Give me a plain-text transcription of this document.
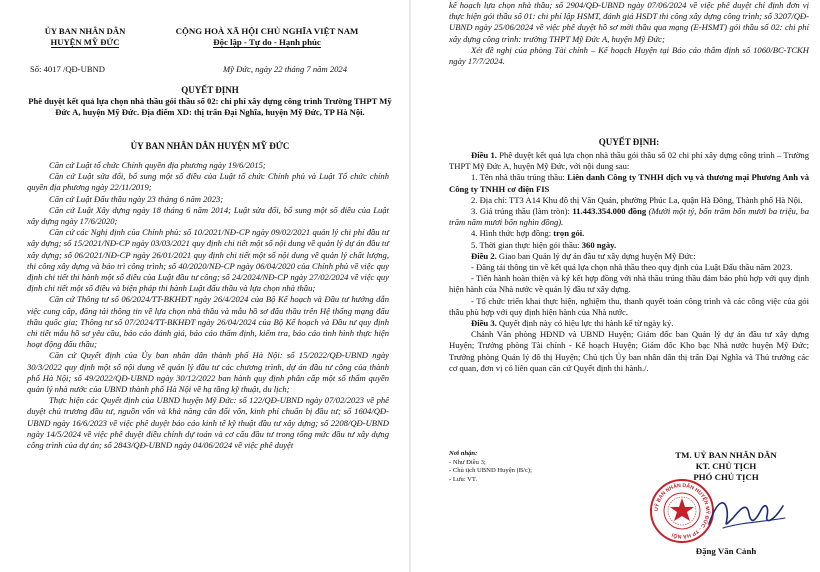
ỦY BAN NHÂN DÂN
HUYỆN MỸ ĐỨC
Số: 4017 /QĐ-UBND
CỘNG HOÀ XÃ HỘI CHỦ NGHĨA VIỆT NAM
Độc lập - Tự do - Hạnh phúc
Mỹ Đức, ngày 22 tháng 7 năm 2024
QUYẾT ĐỊNH
Phê duyệt kết quả lựa chọn nhà thầu gói thầu số 02: chi phí xây dựng công trình Trường THPT Mỹ Đức A, huyện Mỹ Đức. Địa điểm XD: thị trấn Đại Nghĩa, huyện Mỹ Đức, TP Hà Nội.
ỦY BAN NHÂN DÂN HUYỆN MỸ ĐỨC

Căn cứ Luật tổ chức Chính quyền địa phương ngày 19/6/2015;

Căn cứ Luật sửa đổi, bổ sung một số điều của Luật tổ chức Chính phủ và Luật Tổ chức chính quyền địa phương ngày 22/11/2019;

Căn cứ Luật Đấu thầu ngày 23 tháng 6 năm 2023;

Căn cứ Luật Xây dựng ngày 18 tháng 6 năm 2014; Luật sửa đổi, bổ sung một số điều của Luật xây dựng ngày 17/6/2020;

Căn cứ các Nghị định của Chính phủ: số 10/2021/NĐ-CP ngày 09/02/2021 quản lý chi phí đầu tư xây dựng; số 15/2021/NĐ-CP ngày 03/03/2021 quy định chi tiết một số nội dung về quản lý dự án đầu tư xây dựng; số 06/2021/NĐ-CP ngày 26/01/2021 quy định chi tiết một số nội dung về quản lý chất lượng, thi công xây dựng và bảo trì công trình; số 40/2020/NĐ-CP ngày 06/04/2020 của Chính phủ về việc quy định chi tiết thi hành một số điều của Luật đầu tư công; số 24/2024/NĐ-CP ngày 27/02/2024 về việc quy định chi tiết một số điều và biện pháp thi hành Luật đấu thầu và lựa chọn nhà thầu;

Căn cứ Thông tư số 06/2024/TT-BKHĐT ngày 26/4/2024 của Bộ Kế hoạch và Đầu tư hướng dẫn việc cung cấp, đăng tải thông tin về lựa chọn nhà thầu và mẫu hồ sơ đấu thầu trên Hệ thống mạng đấu thầu quốc gia; Thông tư số 07/2024/TT-BKHĐT ngày 26/04/2024 của Bộ Kế hoạch và Đầu tư quy định chi tiết mẫu hồ sơ yêu cầu, báo cáo đánh giá, báo cáo thẩm định, kiểm tra, báo cáo tình hình thực hiện hoạt động đấu thầu;

Căn cứ Quyết định của Ủy ban nhân dân thành phố Hà Nội: số 15/2022/QĐ-UBND ngày 30/3/2022 quy định một số nội dung về quản lý đầu tư các chương trình, dự án đầu tư công của thành phố Hà Nội; số 49/2022/QĐ-UBND ngày 30/12/2022 ban hành quy định phân cấp một số thẩm quyền quản lý nhà nước của UBND thành phố Hà Nội về hạ tầng kỹ thuật, du lịch;

Thực hiện các Quyết định của UBND huyện Mỹ Đức: số 122/QĐ-UBND ngày 07/02/2023 về phê duyệt chủ trương đầu tư, nguồn vốn và khả năng cân đối vốn, kinh phí chuẩn bị đầu tư; số 1604/QĐ-UBND ngày 16/6/2023 về việc phê duyệt báo cáo kinh tế kỹ thuật đầu tư xây dựng; số 2208/QĐ-UBND ngày 14/5/2024 về việc phê duyệt điều chỉnh dự toán và cơ cấu đầu tư trong tổng mức đầu tư xây dựng công trình của dự án; số 2843/QĐ-UBND ngày 04/06/2024 về việc phê duyệt

kế hoạch lựa chọn nhà thầu; số 2904/QĐ-UBND ngày 07/06/2024 về việc phê duyệt chỉ định đơn vị thực hiện gói thầu số 01: chi phí lập HSMT, đánh giá HSDT thi công xây dựng công trình; số 3207/QĐ-UBND ngày 25/06/2024 về việc phê duyệt hồ sơ mời thầu qua mạng (E-HSMT) gói thầu số 02: chi phí xây dựng công trình: trường THPT Mỹ Đức A, huyện Mỹ Đức;

Xét đề nghị của phòng Tài chính – Kế hoạch Huyện tại Báo cáo thẩm định số 1060/BC-TCKH ngày 17/7/2024.

QUYẾT ĐỊNH:

Điều 1. Phê duyệt kết quả lựa chọn nhà thầu gói thầu số 02 chi phí xây dựng công trình – Trường THPT Mỹ Đức A, huyện Mỹ Đức, với nội dung sau:

1. Tên nhà thầu trúng thầu: Liên danh Công ty TNHH dịch vụ và thương mại Phương Anh và Công ty TNHH cơ điện FIS

2. Địa chỉ: TT3 A14 Khu đô thị Văn Quán, phường Phúc La, quận Hà Đông, Thành phố Hà Nội.

3. Giá trúng thầu (làm tròn): 11.443.354.000 đồng (Mười một tỷ, bốn trăm bốn mươi ba triệu, ba trăm năm mươi bốn nghìn đồng).

4. Hình thức hợp đồng: trọn gói.

5. Thời gian thực hiện gói thầu: 360 ngày.

Điều 2. Giao ban Quản lý dự án đầu tư xây dựng huyện Mỹ Đức:

- Đăng tải thông tin về kết quả lựa chọn nhà thầu theo quy định của Luật Đấu thầu năm 2023.

- Tiến hành hoàn thiện và ký kết hợp đồng với nhà thầu trúng thầu đảm bảo phù hợp với quy định hiện hành của Nhà nước về quản lý đầu tư xây dựng.

- Tổ chức triển khai thực hiện, nghiệm thu, thanh quyết toán công trình và các công việc của gói thầu phù hợp với quy định hiện hành của Nhà nước.

Điều 3. Quyết định này có hiệu lực thi hành kể từ ngày ký.

Chánh Văn phòng HĐND và UBND Huyện; Giám đốc ban Quản lý dự án đầu tư xây dựng Huyện; Trưởng phòng Tài chính - Kế hoạch Huyện; Giám đốc Kho bạc Nhà nước huyện Mỹ Đức; Trưởng phòng Quản lý đô thị Huyện; Chủ tịch Ủy ban nhân dân thị trấn Đại Nghĩa và Thủ trưởng các cơ quan, đơn vị có liên quan căn cứ Quyết định thi hành./.

Nơi nhận:
- Như Điều 3;
- Chủ tịch UBND Huyện (B/c);
- Lưu: VT.
TM. UỶ BAN NHÂN DÂN
KT. CHỦ TỊCH
PHÓ CHỦ TỊCH
UỶ BAN NHÂN DÂN HUYỆN MỸ ĐỨC - TP HÀ NỘI
Đặng Văn Cảnh
